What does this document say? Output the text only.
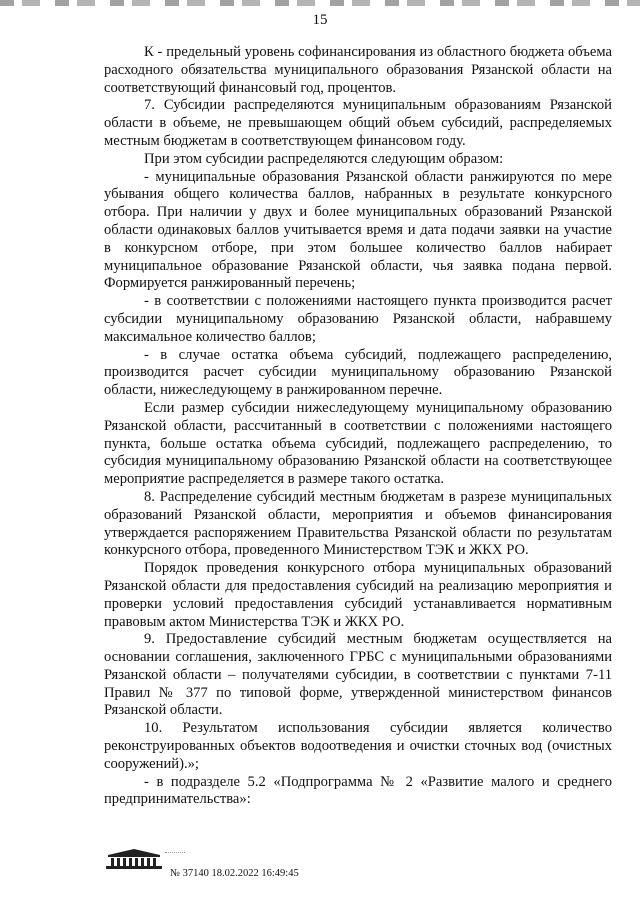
15

К - предельный уровень софинансирования из областного бюджета объема расходного обязательства муниципального образования Рязанской области на соответствующий финансовый год, процентов.

7. Субсидии распределяются муниципальным образованиям Рязанской области в объеме, не превышающем общий объем субсидий, распределяемых местным бюджетам в соответствующем финансовом году.

При этом субсидии распределяются следующим образом:

- муниципальные образования Рязанской области ранжируются по мере убывания общего количества баллов, набранных в результате конкурсного отбора. При наличии у двух и более муниципальных образований Рязанской области одинаковых баллов учитывается время и дата подачи заявки на участие в конкурсном отборе, при этом большее количество баллов набирает муниципальное образование Рязанской области, чья заявка подана первой. Формируется ранжированный перечень;

- в соответствии с положениями настоящего пункта производится расчет субсидии муниципальному образованию Рязанской области, набравшему максимальное количество баллов;

- в случае остатка объема субсидий, подлежащего распределению, производится расчет субсидии муниципальному образованию Рязанской области, нижеследующему в ранжированном перечне.

Если размер субсидии нижеследующему муниципальному образованию Рязанской области, рассчитанный в соответствии с положениями настоящего пункта, больше остатка объема субсидий, подлежащего распределению, то субсидия муниципальному образованию Рязанской области на соответствующее мероприятие распределяется в размере такого остатка.

8. Распределение субсидий местным бюджетам в разрезе муниципальных образований Рязанской области, мероприятия и объемов финансирования утверждается распоряжением Правительства Рязанской области по результатам конкурсного отбора, проведенного Министерством ТЭК и ЖКХ РО.

Порядок проведения конкурсного отбора муниципальных образований Рязанской области для предоставления субсидий на реализацию мероприятия и проверки условий предоставления субсидий устанавливается нормативным правовым актом Министерства ТЭК и ЖКХ РО.

9. Предоставление субсидий местным бюджетам осуществляется на основании соглашения, заключенного ГРБС с муниципальными образованиями Рязанской области – получателями субсидии, в соответствии с пунктами 7-11 Правил № 377 по типовой форме, утвержденной министерством финансов Рязанской области.

10. Результатом использования субсидии является количество реконструированных объектов водоотведения и очистки сточных вод (очистных сооружений).»;

- в подразделе 5.2 «Подпрограмма № 2 «Развитие малого и среднего предпринимательства»:

№ 37140 18.02.2022 16:49:45
